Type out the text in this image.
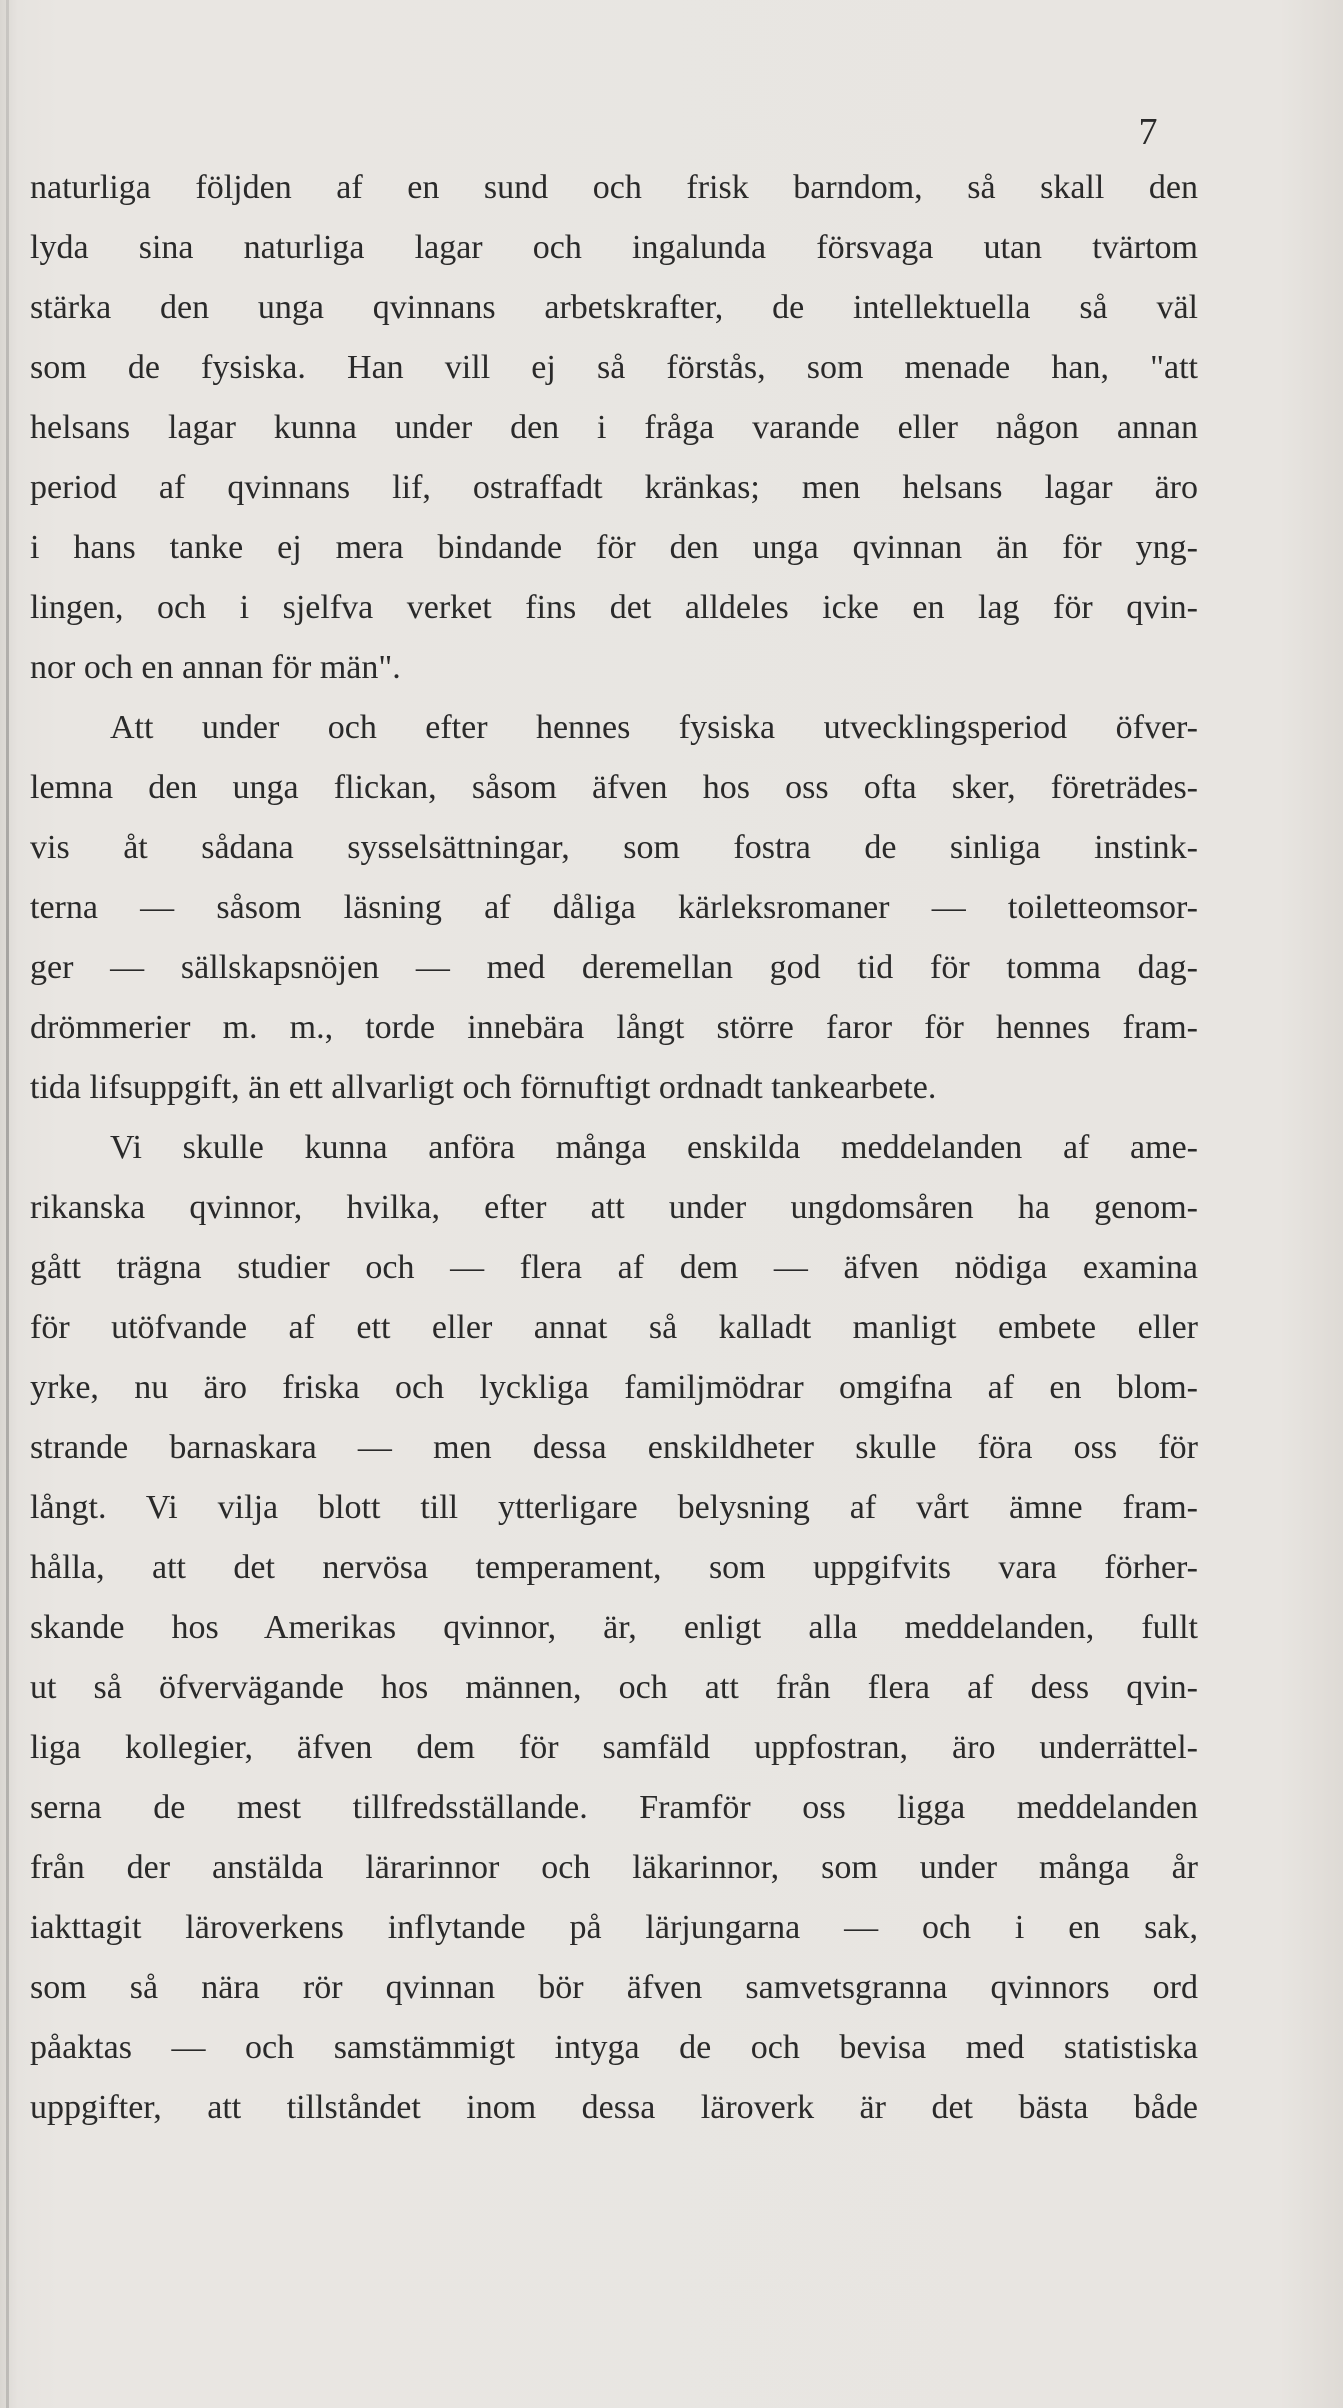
7
naturliga följden af en sund och frisk barndom, så skall den
lyda sina naturliga lagar och ingalunda försvaga utan tvärtom
stärka den unga qvinnans arbetskrafter, de intellektuella så väl
som de fysiska. Han vill ej så förstås, som menade han, "att
helsans lagar kunna under den i fråga varande eller någon annan
period af qvinnans lif, ostraffadt kränkas; men helsans lagar äro
i hans tanke ej mera bindande för den unga qvinnan än för yng-
lingen, och i sjelfva verket fins det alldeles icke en lag för qvin-
nor och en annan för män".
Att under och efter hennes fysiska utvecklingsperiod öfver-
lemna den unga flickan, såsom äfven hos oss ofta sker, företrädes-
vis åt sådana sysselsättningar, som fostra de sinliga instink-
terna — såsom läsning af dåliga kärleksromaner — toiletteomsor-
ger — sällskapsnöjen — med deremellan god tid för tomma dag-
drömmerier m. m., torde innebära långt större faror för hennes fram-
tida lifsuppgift, än ett allvarligt och förnuftigt ordnadt tankearbete.
Vi skulle kunna anföra många enskilda meddelanden af ame-
rikanska qvinnor, hvilka, efter att under ungdomsåren ha genom-
gått trägna studier och — flera af dem — äfven nödiga examina
för utöfvande af ett eller annat så kalladt manligt embete eller
yrke, nu äro friska och lyckliga familjmödrar omgifna af en blom-
strande barnaskara — men dessa enskildheter skulle föra oss för
långt. Vi vilja blott till ytterligare belysning af vårt ämne fram-
hålla, att det nervösa temperament, som uppgifvits vara förher-
skande hos Amerikas qvinnor, är, enligt alla meddelanden, fullt
ut så öfvervägande hos männen, och att från flera af dess qvin-
liga kollegier, äfven dem för samfäld uppfostran, äro underrättel-
serna de mest tillfredsställande. Framför oss ligga meddelanden
från der anstälda lärarinnor och läkarinnor, som under många år
iakttagit läroverkens inflytande på lärjungarna — och i en sak,
som så nära rör qvinnan bör äfven samvetsgranna qvinnors ord
påaktas — och samstämmigt intyga de och bevisa med statistiska
uppgifter, att tillståndet inom dessa läroverk är det bästa både
